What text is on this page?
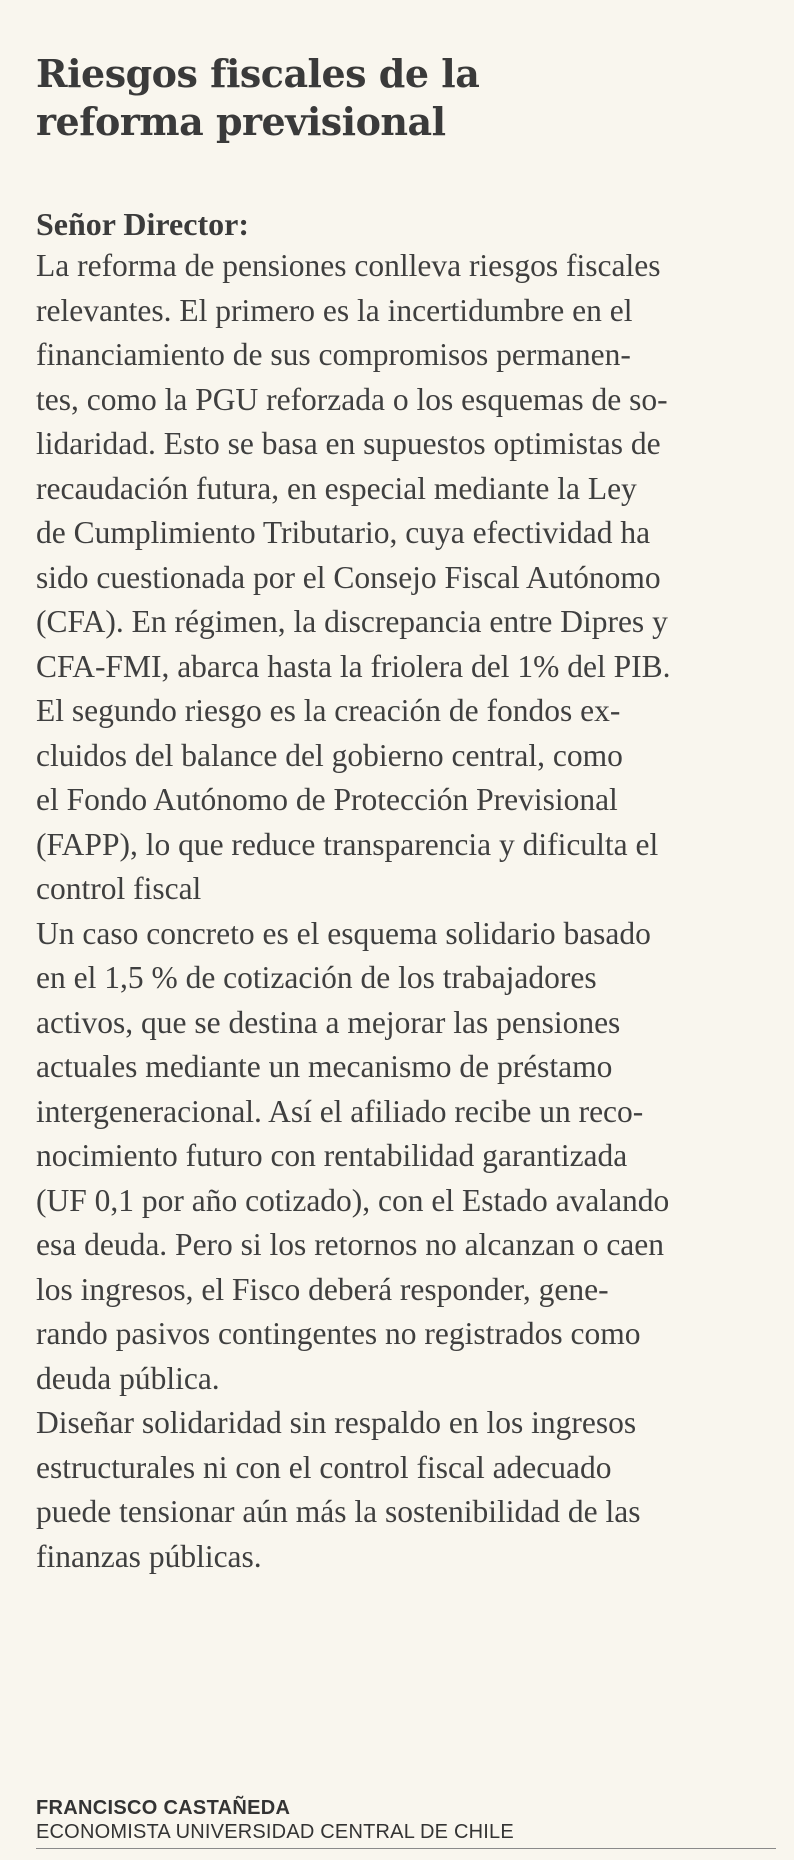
Riesgos fiscales de la
reforma previsional
Señor Director:

La reforma de pensiones conlleva riesgos fiscales
relevantes. El primero es la incertidumbre en el
financiamiento de sus compromisos permanen-
tes, como la PGU reforzada o los esquemas de so-
lidaridad. Esto se basa en supuestos optimistas de
recaudación futura, en especial mediante la Ley
de Cumplimiento Tributario, cuya efectividad ha
sido cuestionada por el Consejo Fiscal Autónomo
(CFA). En régimen, la discrepancia entre Dipres y
CFA-FMI, abarca hasta la friolera del 1% del PIB.
El segundo riesgo es la creación de fondos ex-
cluidos del balance del gobierno central, como
el Fondo Autónomo de Protección Previsional
(FAPP), lo que reduce transparencia y dificulta el
control fiscal

Un caso concreto es el esquema solidario basado
en el 1,5 % de cotización de los trabajadores
activos, que se destina a mejorar las pensiones
actuales mediante un mecanismo de préstamo
intergeneracional. Así el afiliado recibe un reco-
nocimiento futuro con rentabilidad garantizada
(UF 0,1 por año cotizado), con el Estado avalando
esa deuda. Pero si los retornos no alcanzan o caen
los ingresos, el Fisco deberá responder, gene-
rando pasivos contingentes no registrados como
deuda pública.

Diseñar solidaridad sin respaldo en los ingresos
estructurales ni con el control fiscal adecuado
puede tensionar aún más la sostenibilidad de las
finanzas públicas.

FRANCISCO CASTAÑEDA
ECONOMISTA UNIVERSIDAD CENTRAL DE CHILE
